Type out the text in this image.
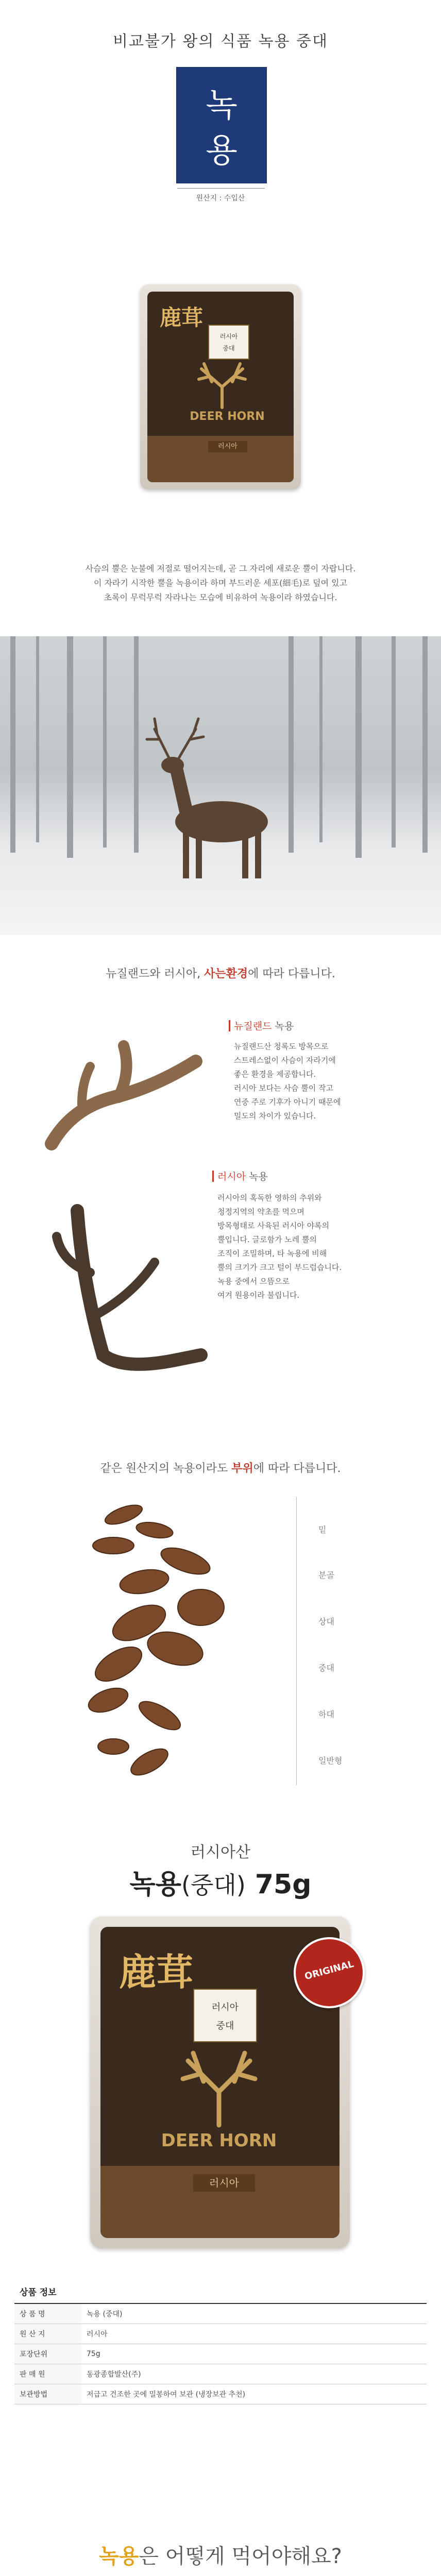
비교불가 왕의 식품 녹용 중대
녹
용
원산지 : 수입산
鹿茸
러시아
중대
DEER HORN
러시아
사슴의 뿔은 눈불에 저절로 떨어지는데, 곧 그 자리에 새로운 뿔이 자랍니다.
이 자라기 시작한 뿔을 녹용이라 하며 부드러운 세포(細毛)로 덮여 있고
초록이 무럭무럭 자라나는 모습에 비유하여 녹용이라 하였습니다.
뉴질랜드와 러시아, 사는환경에 따라 다릅니다.
뉴질랜드 녹용
뉴질랜드산 청록도 방목으로
스트레스없이 사슴이 자라기에
좋은 환경을 제공합니다.
러시아 보다는 사슴 뿔이 작고
연중 주로 기후가 아니기 때문에
밀도의 차이가 있습니다.
러시아 녹용
러시아의 혹독한 영하의 추위와
청정지역의 약초를 먹으며
방목형태로 사육된 러시아 야록의
뿔입니다. 글로함가 노레 뿔의
조직이 조밀하며, 타 녹용에 비해
뿔의 크기가 크고 털이 부드럽습니다.
녹용 중에서 으뜸으로
여겨 원용이라 불립니다.
같은 원산지의 녹용이라도 부위에 따라 다릅니다.
밑
분골
상대
중대
하대
일반형
러시아산
녹용(중대) 75g
鹿茸
러시아
중대
DEER HORN
러시아
ORIGINAL
상품 정보
상 품 명	녹용 (중대)
원 산 지	러시아
포장단위	75g
판 매 원	동광종합발산(주)
보관방법	저급고 건조한 곳에 밀봉하여 보관 (냉장보관 추천)
녹용은 어떻게 먹어야해요?
